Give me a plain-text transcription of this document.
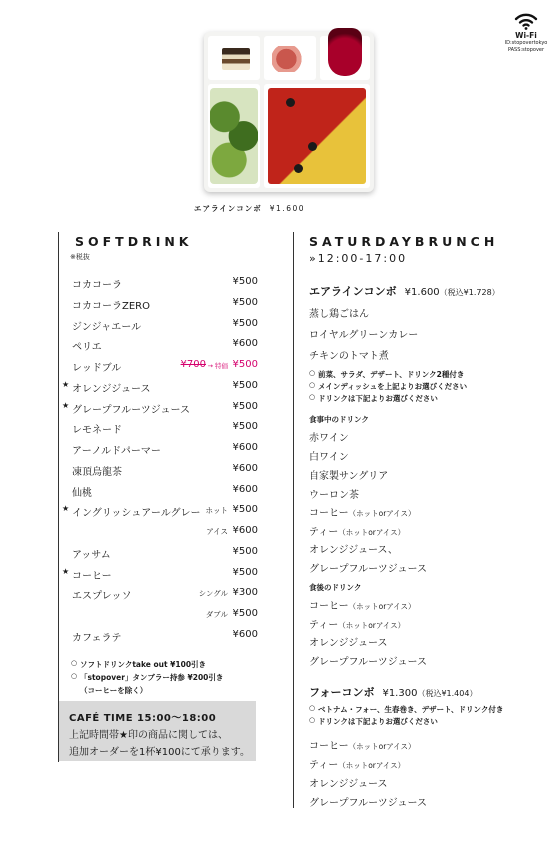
エアラインコンボ ¥1.600
Wi-Fi
ID:stopovertokyo
PASS:stopover
SOFTDRINK
※税抜
コカコーラ	¥500
コカコーラZERO	¥500
ジンジャエール	¥500
ペリエ	¥600
レッドブル	¥700 → 特価 ¥500
★ オレンジジュース	¥500
★ グレープフルーツジュース	¥500
レモネード	¥500
アーノルドパーマー	¥600
凍頂烏龍茶	¥600
仙桃	¥600
★ イングリッシュアールグレー ホット ¥500
アイス ¥600
アッサム	¥500
★ コーヒー	¥500
エスプレッソ	シングル ¥300
ダブル ¥500
カフェラテ	¥600
○ ソフトドリンクtake out ¥100引き
○ 「stopover」タンブラー持参 ¥200引き
（コーヒーを除く）
CAFÉ TIME 15:00～18:00
上記時間帯★印の商品に関しては、
追加オーダーを1杯¥100にて承ります。
SATURDAYBRUNCH
»12:00-17:00
エアラインコンボ ¥1.600（税込¥1.728）
蒸し鶏ごはん
ロイヤルグリーンカレー
チキンのトマト煮
○ 前菜、サラダ、デザート、ドリンク2種付き
○ メインディッシュを上記よりお選びください
○ ドリンクは下記よりお選びください
食事中のドリンク
赤ワイン
白ワイン
自家製サングリア
ウーロン茶
コーヒー（ホットorアイス）
ティー（ホットorアイス）
オレンジジュース、
グレープフルーツジュース
食後のドリンク
コーヒー（ホットorアイス）
ティー（ホットorアイス）
オレンジジュース
グレープフルーツジュース
フォーコンボ ¥1.300（税込¥1.404）
○ ベトナム・フォー、生春巻き、デザート、ドリンク付き
○ ドリンクは下記よりお選びください
コーヒー（ホットorアイス）
ティー（ホットorアイス）
オレンジジュース
グレープフルーツジュース
